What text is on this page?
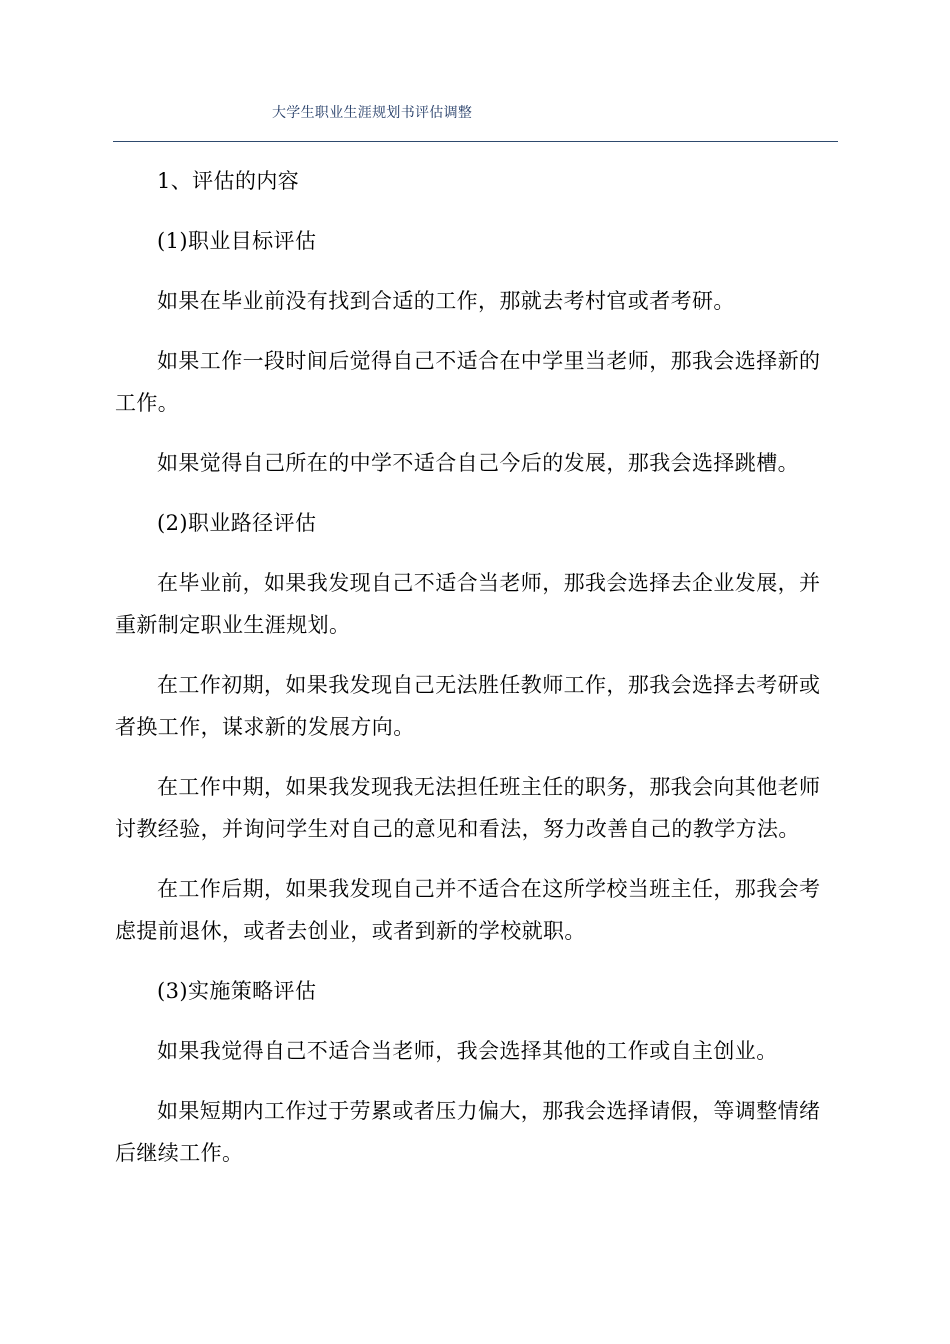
大学生职业生涯规划书评估调整

1、评估的内容

(1)职业目标评估

如果在毕业前没有找到合适的工作，那就去考村官或者考研。

如果工作一段时间后觉得自己不适合在中学里当老师，那我会选择新的工作。

如果觉得自己所在的中学不适合自己今后的发展，那我会选择跳槽。

(2)职业路径评估

在毕业前，如果我发现自己不适合当老师，那我会选择去企业发展，并重新制定职业生涯规划。

在工作初期，如果我发现自己无法胜任教师工作，那我会选择去考研或者换工作，谋求新的发展方向。

在工作中期，如果我发现我无法担任班主任的职务，那我会向其他老师讨教经验，并询问学生对自己的意见和看法，努力改善自己的教学方法。

在工作后期，如果我发现自己并不适合在这所学校当班主任，那我会考虑提前退休，或者去创业，或者到新的学校就职。

(3)实施策略评估

如果我觉得自己不适合当老师，我会选择其他的工作或自主创业。

如果短期内工作过于劳累或者压力偏大，那我会选择请假，等调整情绪后继续工作。
